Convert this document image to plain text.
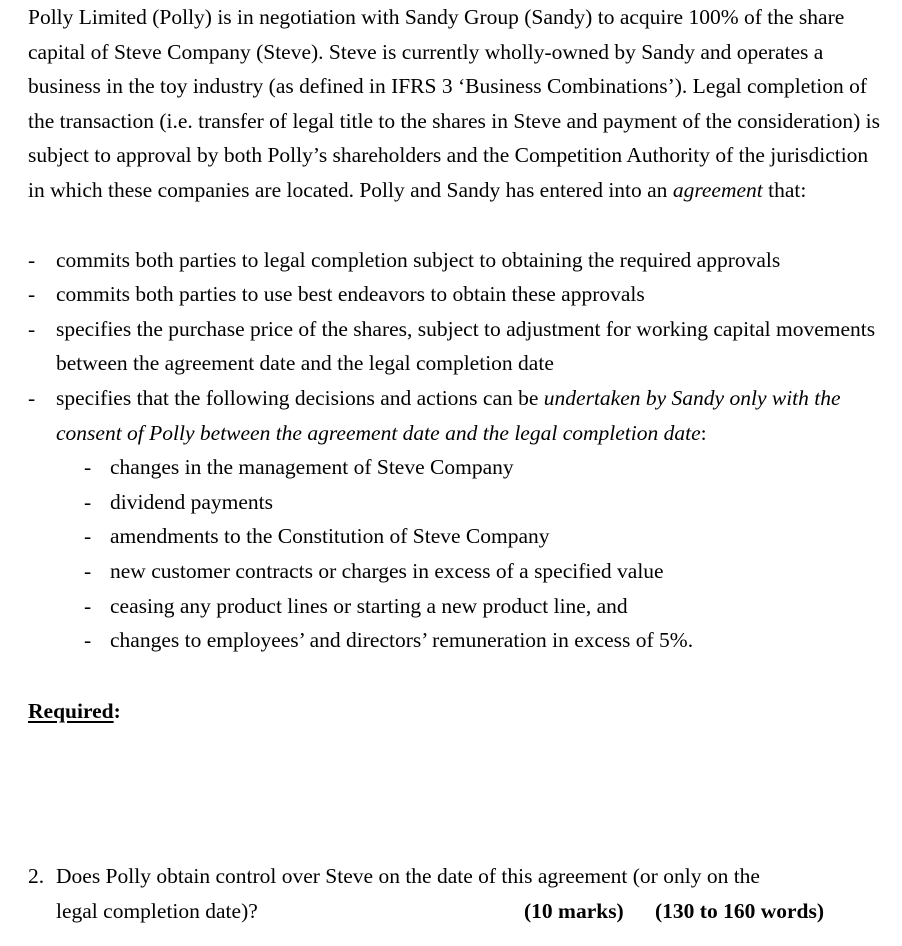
Polly Limited (Polly) is in negotiation with Sandy Group (Sandy) to acquire 100% of the share capital of Steve Company (Steve). Steve is currently wholly-owned by Sandy and operates a business in the toy industry (as defined in IFRS 3 ‘Business Combinations’). Legal completion of the transaction (i.e. transfer of legal title to the shares in Steve and payment of the consideration) is subject to approval by both Polly’s shareholders and the Competition Authority of the jurisdiction in which these companies are located. Polly and Sandy has entered into an agreement that:

- commits both parties to legal completion subject to obtaining the required approvals
- commits both parties to use best endeavors to obtain these approvals
- specifies the purchase price of the shares, subject to adjustment for working capital movements between the agreement date and the legal completion date
- specifies that the following decisions and actions can be undertaken by Sandy only with the consent of Polly between the agreement date and the legal completion date:
- changes in the management of Steve Company
- dividend payments
- amendments to the Constitution of Steve Company
- new customer contracts or charges in excess of a specified value
- ceasing any product lines or starting a new product line, and
- changes to employees’ and directors’ remuneration in excess of 5%.
Required:
2. Does Polly obtain control over Steve on the date of this agreement (or only on the
legal completion date)?	(10 marks) (130 to 160 words)
